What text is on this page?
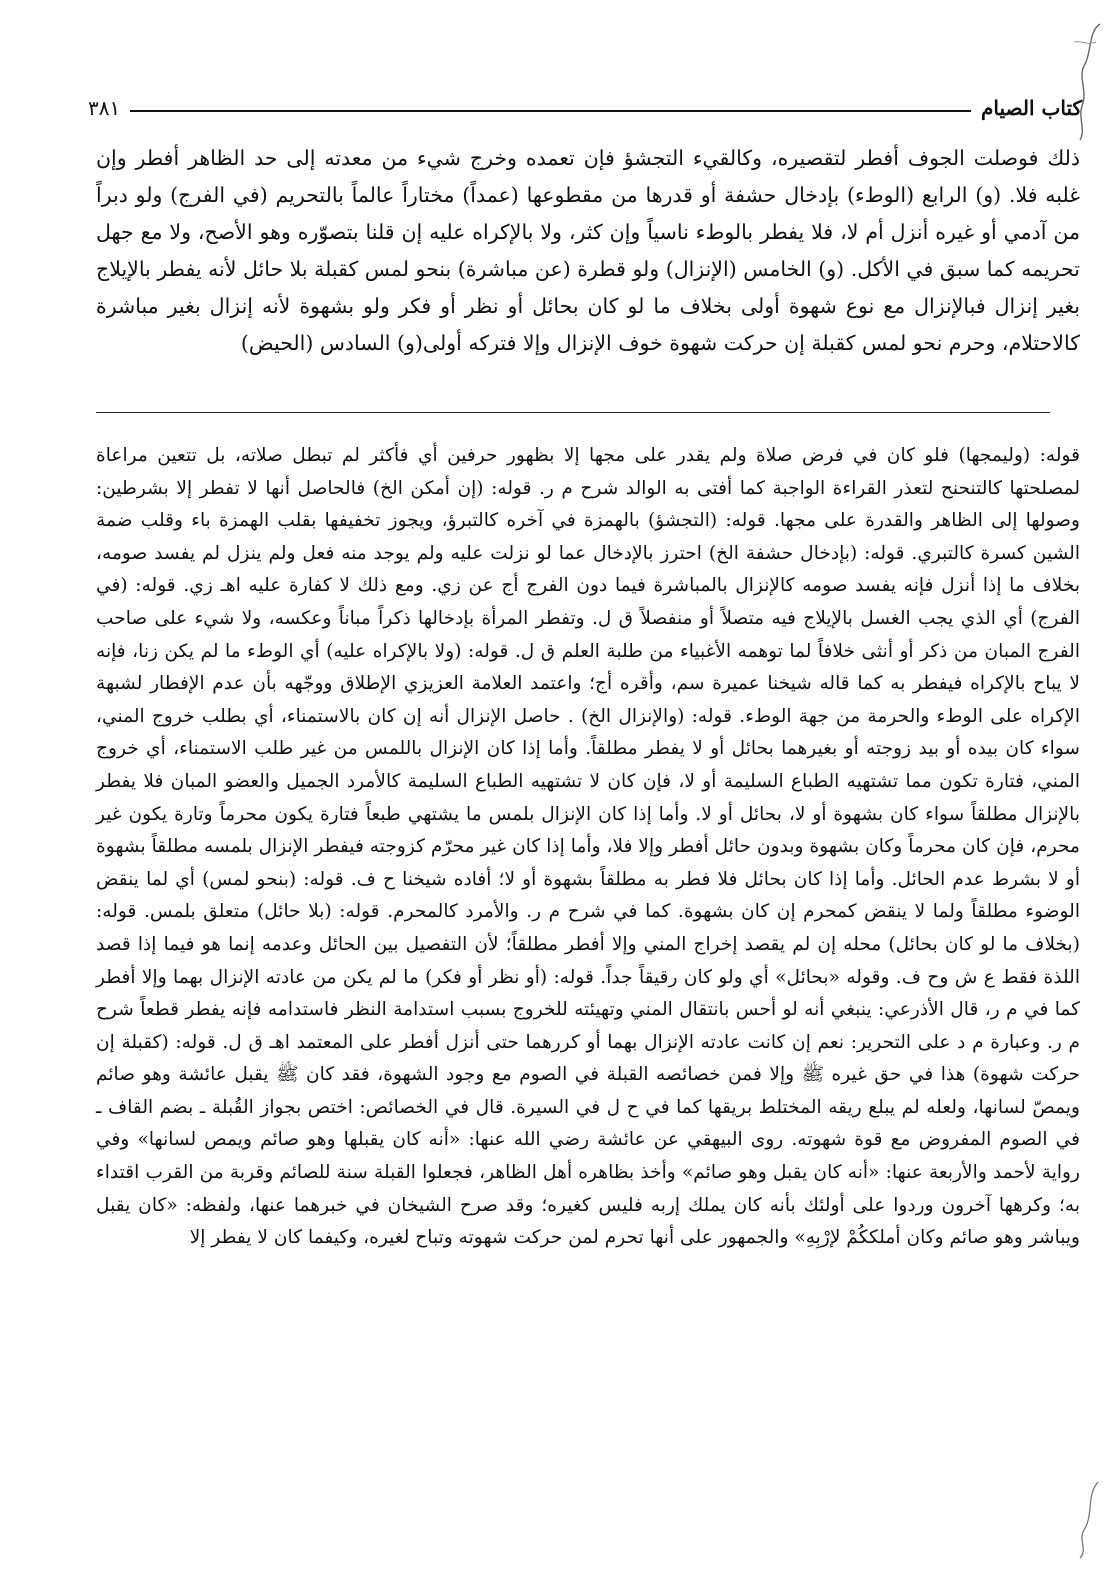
كتاب الصيام
٣٨١

ذلك فوصلت الجوف أفطر لتقصيره، وكالقيء التجشؤ فإن تعمده وخرج شيء من معدته إلى حد الظاهر أفطر وإن غلبه فلا. (و) الرابع (الوطء) بإدخال حشفة أو قدرها من مقطوعها (عمداً) مختاراً عالماً بالتحريم (في الفرج) ولو دبراً من آدمي أو غيره أنزل أم لا، فلا يفطر بالوطء ناسياً وإن كثر، ولا بالإكراه عليه إن قلنا بتصوّره وهو الأصح، ولا مع جهل تحريمه كما سبق في الأكل. (و) الخامس (الإنزال) ولو قطرة (عن مباشرة) بنحو لمس كقبلة بلا حائل لأنه يفطر بالإيلاج بغير إنزال فبالإنزال مع نوع شهوة أولى بخلاف ما لو كان بحائل أو نظر أو فكر ولو بشهوة لأنه إنزال بغير مباشرة كالاحتلام، وحرم نحو لمس كقبلة إن حركت شهوة خوف الإنزال وإلا فتركه أولى(و) السادس (الحيض)

قوله: (وليمجها) فلو كان في فرض صلاة ولم يقدر على مجها إلا بظهور حرفين أي فأكثر لم تبطل صلاته، بل تتعين مراعاة لمصلحتها كالتنحنح لتعذر القراءة الواجبة كما أفتى به الوالد شرح م ر. قوله: (إن أمكن الخ) فالحاصل أنها لا تفطر إلا بشرطين: وصولها إلى الظاهر والقدرة على مجها. قوله: (التجشؤ) بالهمزة في آخره كالتبرؤ، ويجوز تخفيفها بقلب الهمزة باء وقلب ضمة الشين كسرة كالتبري. قوله: (بإدخال حشفة الخ) احترز بالإدخال عما لو نزلت عليه ولم يوجد منه فعل ولم ينزل لم يفسد صومه، بخلاف ما إذا أنزل فإنه يفسد صومه كالإنزال بالمباشرة فيما دون الفرج أج عن زي. ومع ذلك لا كفارة عليه اهـ زي. قوله: (في الفرج) أي الذي يجب الغسل بالإيلاج فيه متصلاً أو منفصلاً ق ل. وتفطر المرأة بإدخالها ذكراً مباناً وعكسه، ولا شيء على صاحب الفرج المبان من ذكر أو أنثى خلافاً لما توهمه الأغبياء من طلبة العلم ق ل. قوله: (ولا بالإكراه عليه) أي الوطء ما لم يكن زنا، فإنه لا يباح بالإكراه فيفطر به كما قاله شيخنا عميرة سم، وأقره أج؛ واعتمد العلامة العزيزي الإطلاق ووجّهه بأن عدم الإفطار لشبهة الإكراه على الوطء والحرمة من جهة الوطء. قوله: (والإنزال الخ) . حاصل الإنزال أنه إن كان بالاستمناء، أي بطلب خروج المني، سواء كان بيده أو بيد زوجته أو بغيرهما بحائل أو لا يفطر مطلقاً. وأما إذا كان الإنزال باللمس من غير طلب الاستمناء، أي خروج المني، فتارة تكون مما تشتهيه الطباع السليمة أو لا، فإن كان لا تشتهيه الطباع السليمة كالأمرد الجميل والعضو المبان فلا يفطر بالإنزال مطلقاً سواء كان بشهوة أو لا، بحائل أو لا. وأما إذا كان الإنزال بلمس ما يشتهي طبعاً فتارة يكون محرماً وتارة يكون غير محرم، فإن كان محرماً وكان بشهوة وبدون حائل أفطر وإلا فلا، وأما إذا كان غير محرّم كزوجته فيفطر الإنزال بلمسه مطلقاً بشهوة أو لا بشرط عدم الحائل. وأما إذا كان بحائل فلا فطر به مطلقاً بشهوة أو لا؛ أفاده شيخنا ح ف. قوله: (بنحو لمس) أي لما ينقض الوضوء مطلقاً ولما لا ينقض كمحرم إن كان بشهوة. كما في شرح م ر. والأمرد كالمحرم. قوله: (بلا حائل) متعلق بلمس. قوله: (بخلاف ما لو كان بحائل) محله إن لم يقصد إخراج المني وإلا أفطر مطلقاً؛ لأن التفصيل بين الحائل وعدمه إنما هو فيما إذا قصد اللذة فقط ع ش وح ف. وقوله «بحائل» أي ولو كان رقيقاً جداً. قوله: (أو نظر أو فكر) ما لم يكن من عادته الإنزال بهما وإلا أفطر كما في م ر، قال الأذرعي: ينبغي أنه لو أحس بانتقال المني وتهيئته للخروج بسبب استدامة النظر فاستدامه فإنه يفطر قطعاً شرح م ر. وعبارة م د على التحرير: نعم إن كانت عادته الإنزال بهما أو كررهما حتى أنزل أفطر على المعتمد اهـ ق ل. قوله: (كقبلة إن حركت شهوة) هذا في حق غيره ﷺ وإلا فمن خصائصه القبلة في الصوم مع وجود الشهوة، فقد كان ﷺ يقبل عائشة وهو صائم ويمصّ لسانها، ولعله لم يبلع ريقه المختلط بريقها كما في ح ل في السيرة. قال في الخصائص: اختص بجواز القُبلة ـ بضم القاف ـ في الصوم المفروض مع قوة شهوته. روى البيهقي عن عائشة رضي الله عنها: «أنه كان يقبلها وهو صائم ويمص لسانها» وفي رواية لأحمد والأربعة عنها: «أنه كان يقبل وهو صائم» وأخذ بظاهره أهل الظاهر، فجعلوا القبلة سنة للصائم وقربة من القرب اقتداء به؛ وكرهها آخرون وردوا على أولئك بأنه كان يملك إربه فليس كغيره؛ وقد صرح الشيخان في خبرهما عنها، ولفظه: «كان يقبل ويباشر وهو صائم وكان أملككُمْ لإرْبِهِ» والجمهور على أنها تحرم لمن حركت شهوته وتباح لغيره، وكيفما كان لا يفطر إلا
